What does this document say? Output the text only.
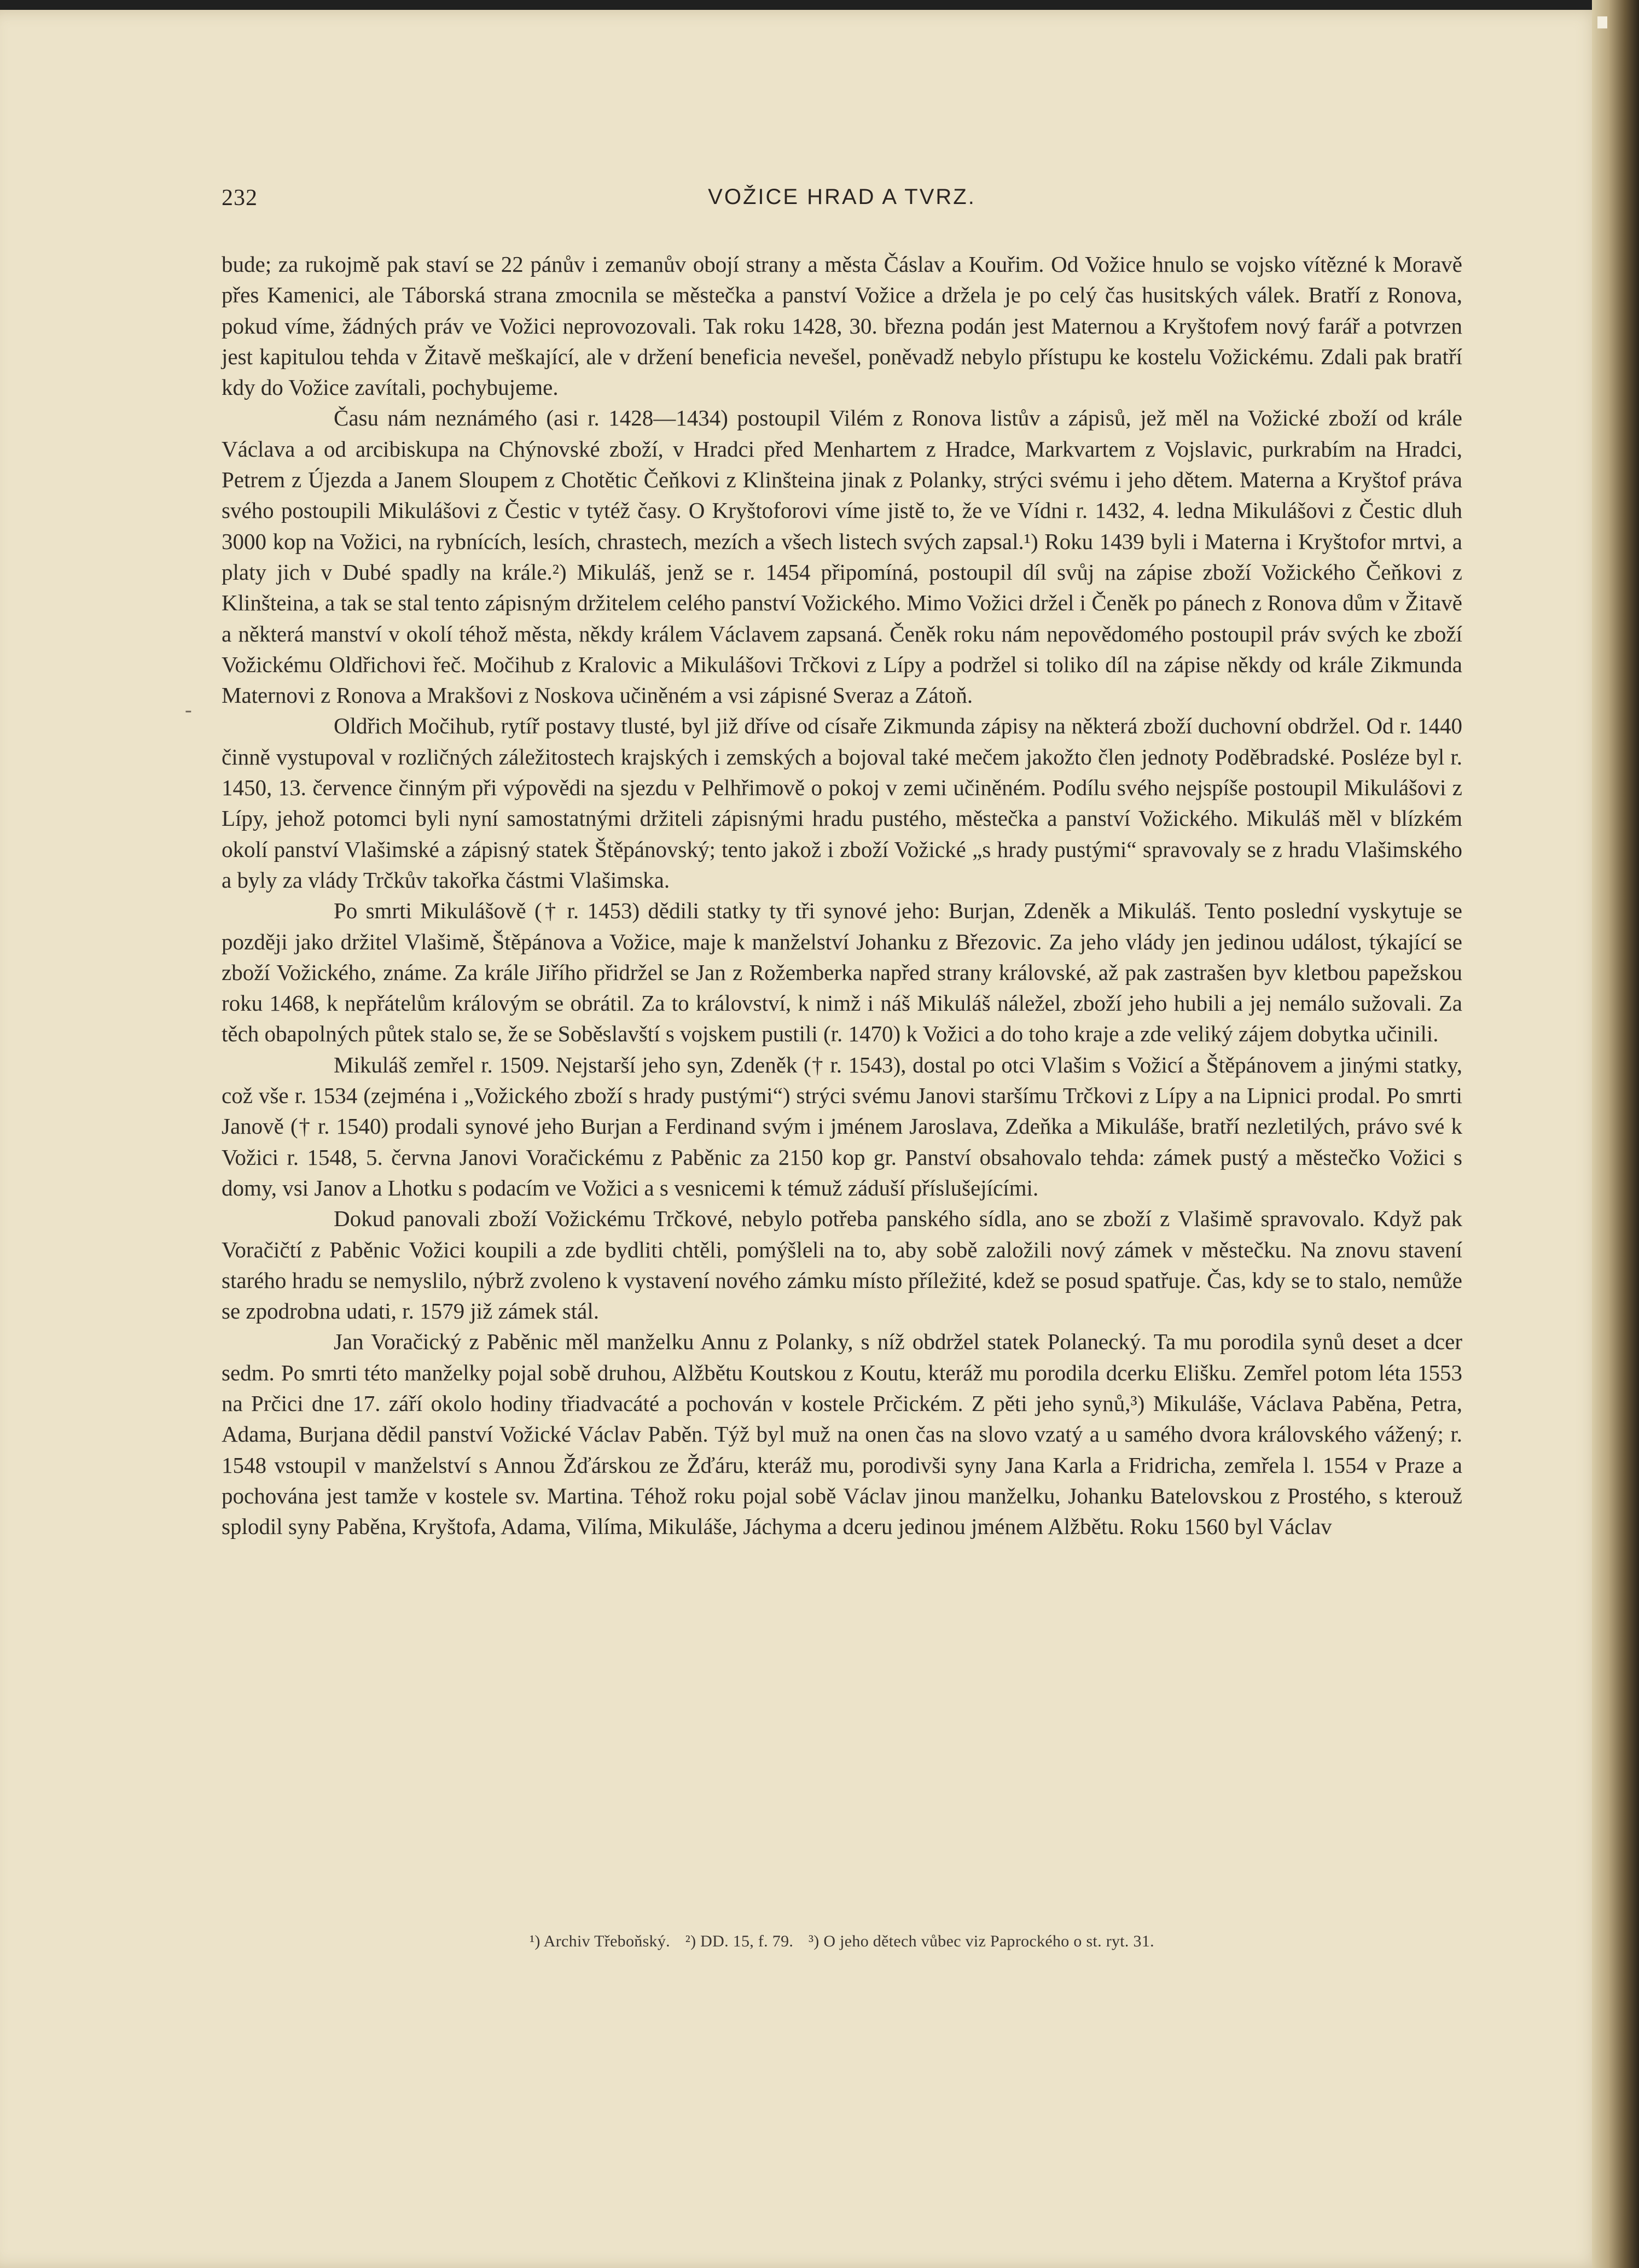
232	VOŽICE HRAD A TVRZ.
-

bude; za rukojmě pak staví se 22 pánův i zemanův obojí strany a města Čáslav a Kouřim. Od Vožice hnulo se vojsko vítězné k Moravě přes Kamenici, ale Táborská strana zmocnila se městečka a panství Vožice a držela je po celý čas husitských válek. Bratří z Ronova, pokud víme, žádných práv ve Vožici neprovozovali. Tak roku 1428, 30. března podán jest Maternou a Kryštofem nový farář a potvrzen jest kapitulou tehda v Žitavě meškající, ale v držení beneficia nevešel, poněvadž nebylo přístupu ke kostelu Vožickému. Zdali pak bratří kdy do Vožice zavítali, pochybujeme.

Času nám neznámého (asi r. 1428—1434) postoupil Vilém z Ronova listův a zápisů, jež měl na Vožické zboží od krále Václava a od arcibiskupa na Chýnovské zboží, v Hradci před Menhartem z Hradce, Markvartem z Vojslavic, purkrabím na Hradci, Petrem z Újezda a Janem Sloupem z Chotětic Čeňkovi z Klinšteina jinak z Polanky, strýci svému i jeho dětem. Materna a Kryštof práva svého postoupili Mikulášovi z Čestic v tytéž časy. O Kryštoforovi víme jistě to, že ve Vídni r. 1432, 4. ledna Mikulášovi z Čestic dluh 3000 kop na Vožici, na rybnících, lesích, chrastech, mezích a všech listech svých zapsal.¹) Roku 1439 byli i Materna i Kryštofor mrtvi, a platy jich v Dubé spadly na krále.²) Mikuláš, jenž se r. 1454 připomíná, postoupil díl svůj na zápise zboží Vožického Čeňkovi z Klinšteina, a tak se stal tento zápisným držitelem celého panství Vožického. Mimo Vožici držel i Čeněk po pánech z Ronova dům v Žitavě a některá manství v okolí téhož města, někdy králem Václavem zapsaná. Čeněk roku nám nepovědomého postoupil práv svých ke zboží Vožickému Oldřichovi řeč. Močihub z Kralovic a Mikulášovi Trčkovi z Lípy a podržel si toliko díl na zápise někdy od krále Zikmunda Maternovi z Ronova a Mrakšovi z Noskova učiněném a vsi zápisné Sveraz a Zátoň.

Oldřich Močihub, rytíř postavy tlusté, byl již dříve od císaře Zikmunda zápisy na některá zboží duchovní obdržel. Od r. 1440 činně vystupoval v rozličných záležitostech krajských i zemských a bojoval také mečem jakožto člen jednoty Poděbradské. Posléze byl r. 1450, 13. července činným při výpovědi na sjezdu v Pelhřimově o pokoj v zemi učiněném. Podílu svého nejspíše postoupil Mikulášovi z Lípy, jehož potomci byli nyní samostatnými držiteli zápisnými hradu pustého, městečka a panství Vožického. Mikuláš měl v blízkém okolí panství Vlašimské a zápisný statek Štěpánovský; tento jakož i zboží Vožické „s hrady pustými“ spravovaly se z hradu Vlašimského a byly za vlády Trčkův takořka částmi Vlašimska.

Po smrti Mikulášově († r. 1453) dědili statky ty tři synové jeho: Burjan, Zdeněk a Mikuláš. Tento poslední vyskytuje se později jako držitel Vlašimě, Štěpánova a Vožice, maje k manželství Johanku z Březovic. Za jeho vlády jen jedinou událost, týkající se zboží Vožického, známe. Za krále Jiřího přidržel se Jan z Rožemberka napřed strany královské, až pak zastrašen byv kletbou papežskou roku 1468, k nepřátelům královým se obrátil. Za to království, k nimž i náš Mikuláš náležel, zboží jeho hubili a jej nemálo sužovali. Za těch obapolných půtek stalo se, že se Soběslavští s vojskem pustili (r. 1470) k Vožici a do toho kraje a zde veliký zájem dobytka učinili.

Mikuláš zemřel r. 1509. Nejstarší jeho syn, Zdeněk († r. 1543), dostal po otci Vlašim s Vožicí a Štěpánovem a jinými statky, což vše r. 1534 (zejména i „Vožického zboží s hrady pustými“) strýci svému Janovi staršímu Trčkovi z Lípy a na Lipnici prodal. Po smrti Janově († r. 1540) prodali synové jeho Burjan a Ferdinand svým i jménem Jaroslava, Zdeňka a Mikuláše, bratří nezletilých, právo své k Vožici r. 1548, 5. června Janovi Voračickému z Paběnic za 2150 kop gr. Panství obsahovalo tehda: zámek pustý a městečko Vožici s domy, vsi Janov a Lhotku s podacím ve Vožici a s vesnicemi k témuž záduší příslušejícími.

Dokud panovali zboží Vožickému Trčkové, nebylo potřeba panského sídla, ano se zboží z Vlašimě spravovalo. Když pak Voračičtí z Paběnic Vožici koupili a zde bydliti chtěli, pomýšleli na to, aby sobě založili nový zámek v městečku. Na znovu stavení starého hradu se nemyslilo, nýbrž zvoleno k vystavení nového zámku místo příležité, kdež se posud spatřuje. Čas, kdy se to stalo, nemůže se zpodrobna udati, r. 1579 již zámek stál.

Jan Voračický z Paběnic měl manželku Annu z Polanky, s níž obdržel statek Polanecký. Ta mu porodila synů deset a dcer sedm. Po smrti této manželky pojal sobě druhou, Alžbětu Koutskou z Koutu, kteráž mu porodila dcerku Elišku. Zemřel potom léta 1553 na Prčici dne 17. září okolo hodiny třiadvacáté a pochován v kostele Prčickém. Z pěti jeho synů,³) Mikuláše, Václava Paběna, Petra, Adama, Burjana dědil panství Vožické Václav Paběn. Týž byl muž na onen čas na slovo vzatý a u samého dvora královského vážený; r. 1548 vstoupil v manželství s Annou Žďárskou ze Žďáru, kteráž mu, porodivši syny Jana Karla a Fridricha, zemřela l. 1554 v Praze a pochována jest tamže v kostele sv. Martina. Téhož roku pojal sobě Václav jinou manželku, Johanku Batelovskou z Prostého, s kterouž splodil syny Paběna, Kryštofa, Adama, Vilíma, Mikuláše, Jáchyma a dceru jedinou jménem Alžbětu. Roku 1560 byl Václav

¹) Archiv Třeboňský. ²) DD. 15, f. 79. ³) O jeho dětech vůbec viz Paprockého o st. ryt. 31.
